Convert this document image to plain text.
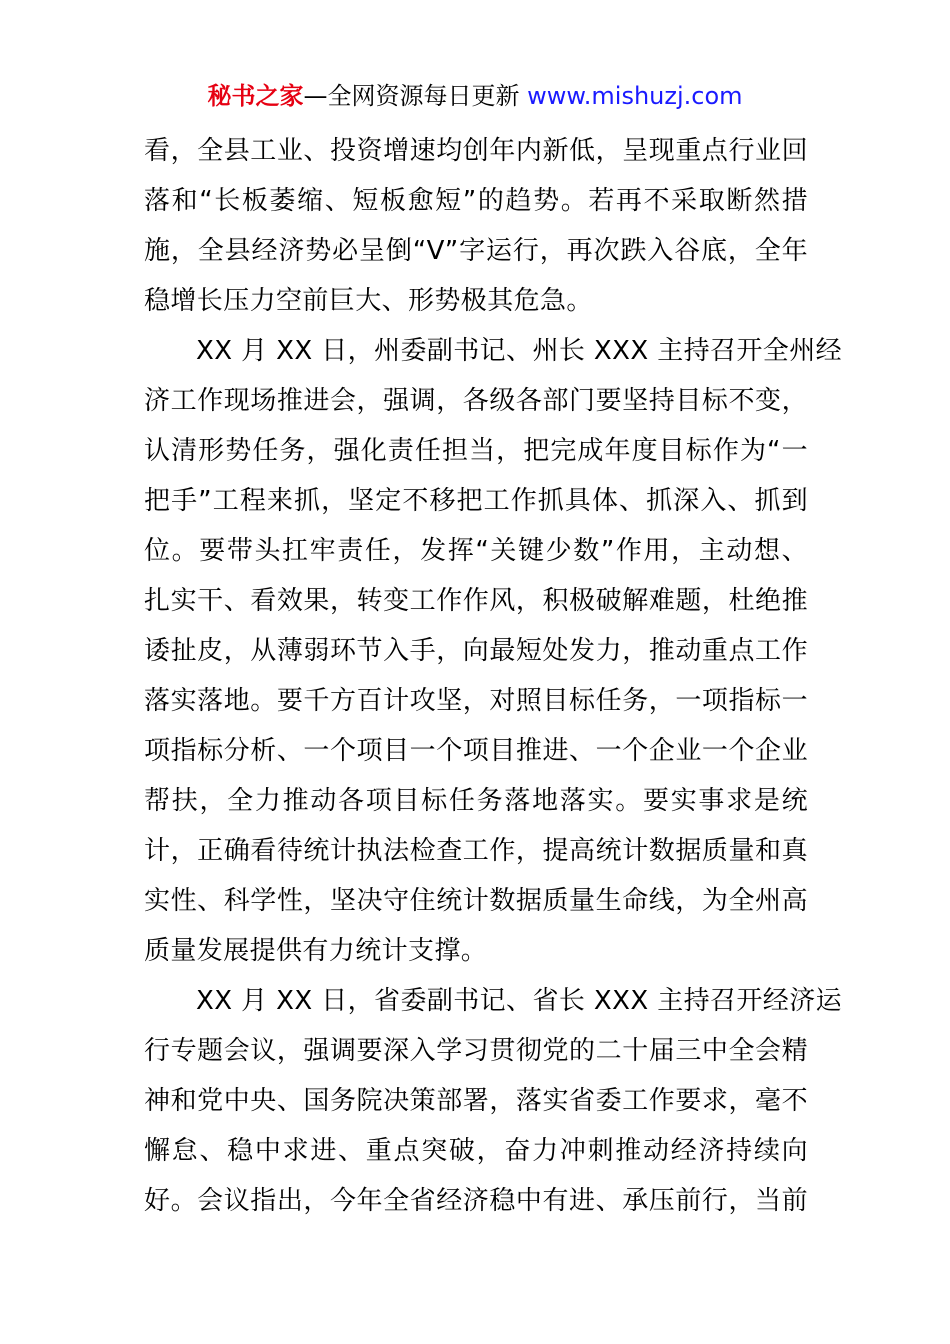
秘书之家—全网资源每日更新 www.mishuzj.com
看，全县工业、投资增速均创年内新低，呈现重点行业回
落和“长板萎缩、短板愈短”的趋势。若再不采取断然措
施，全县经济势必呈倒“V”字运行，再次跌入谷底，全年
稳增长压力空前巨大、形势极其危急。
XX 月 XX 日，州委副书记、州长 XXX 主持召开全州经
济工作现场推进会，强调，各级各部门要坚持目标不变，
认清形势任务，强化责任担当，把完成年度目标作为“一
把手”工程来抓，坚定不移把工作抓具体、抓深入、抓到
位。要带头扛牢责任，发挥“关键少数”作用，主动想、
扎实干、看效果，转变工作作风，积极破解难题，杜绝推
诿扯皮，从薄弱环节入手，向最短处发力，推动重点工作
落实落地。要千方百计攻坚，对照目标任务，一项指标一
项指标分析、一个项目一个项目推进、一个企业一个企业
帮扶，全力推动各项目标任务落地落实。要实事求是统
计，正确看待统计执法检查工作，提高统计数据质量和真
实性、科学性，坚决守住统计数据质量生命线，为全州高
质量发展提供有力统计支撑。
XX 月 XX 日，省委副书记、省长 XXX 主持召开经济运
行专题会议，强调要深入学习贯彻党的二十届三中全会精
神和党中央、国务院决策部署，落实省委工作要求，毫不
懈怠、稳中求进、重点突破，奋力冲刺推动经济持续向
好。会议指出，今年全省经济稳中有进、承压前行，当前
